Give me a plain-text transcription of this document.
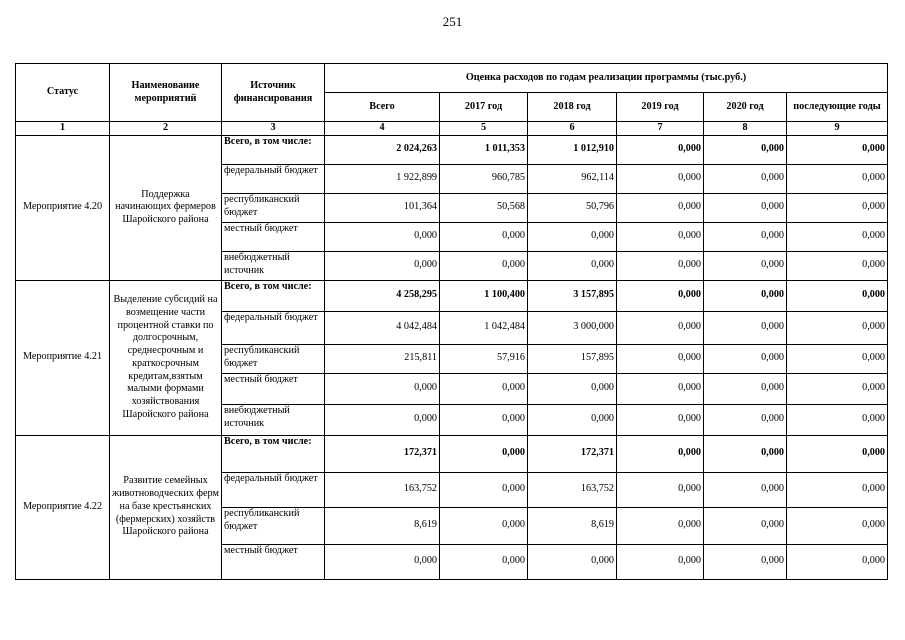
251
Статус	Наименование мероприятий	Источник финансирования	Оценка расходов по годам реализации программы (тыс.руб.)					
			Всего	2017 год	2018 год	2019 год	2020 год	последующие годы
1	2	3	4	5	6	7	8	9
Мероприятие 4.20	Поддержка начинающих фермеров Шаройского района	Всего, в том числе:	2 024,263	1 011,353	1 012,910	0,000	0,000	0,000
		федеральный бюджет	1 922,899	960,785	962,114	0,000	0,000	0,000
		республиканский бюджет	101,364	50,568	50,796	0,000	0,000	0,000
		местный бюджет	0,000	0,000	0,000	0,000	0,000	0,000
		внебюджетный источник	0,000	0,000	0,000	0,000	0,000	0,000
Мероприятие 4.21	Выделение субсидий на возмещение части процентной ставки по долгосрочным, среднесрочным и краткосрочным кредитам,взятым малыми формами хозяйствования Шаройского района	Всего, в том числе:	4 258,295	1 100,400	3 157,895	0,000	0,000	0,000
		федеральный бюджет	4 042,484	1 042,484	3 000,000	0,000	0,000	0,000
		республиканский бюджет	215,811	57,916	157,895	0,000	0,000	0,000
		местный бюджет	0,000	0,000	0,000	0,000	0,000	0,000
		внебюджетный источник	0,000	0,000	0,000	0,000	0,000	0,000
Мероприятие 4.22	Развитие семейных животноводческих ферм на базе крестьянских (фермерских) хозяйств Шаройского района	Всего, в том числе:	172,371	0,000	172,371	0,000	0,000	0,000
		федеральный бюджет	163,752	0,000	163,752	0,000	0,000	0,000
		республиканский бюджет	8,619	0,000	8,619	0,000	0,000	0,000
		местный бюджет	0,000	0,000	0,000	0,000	0,000	0,000
